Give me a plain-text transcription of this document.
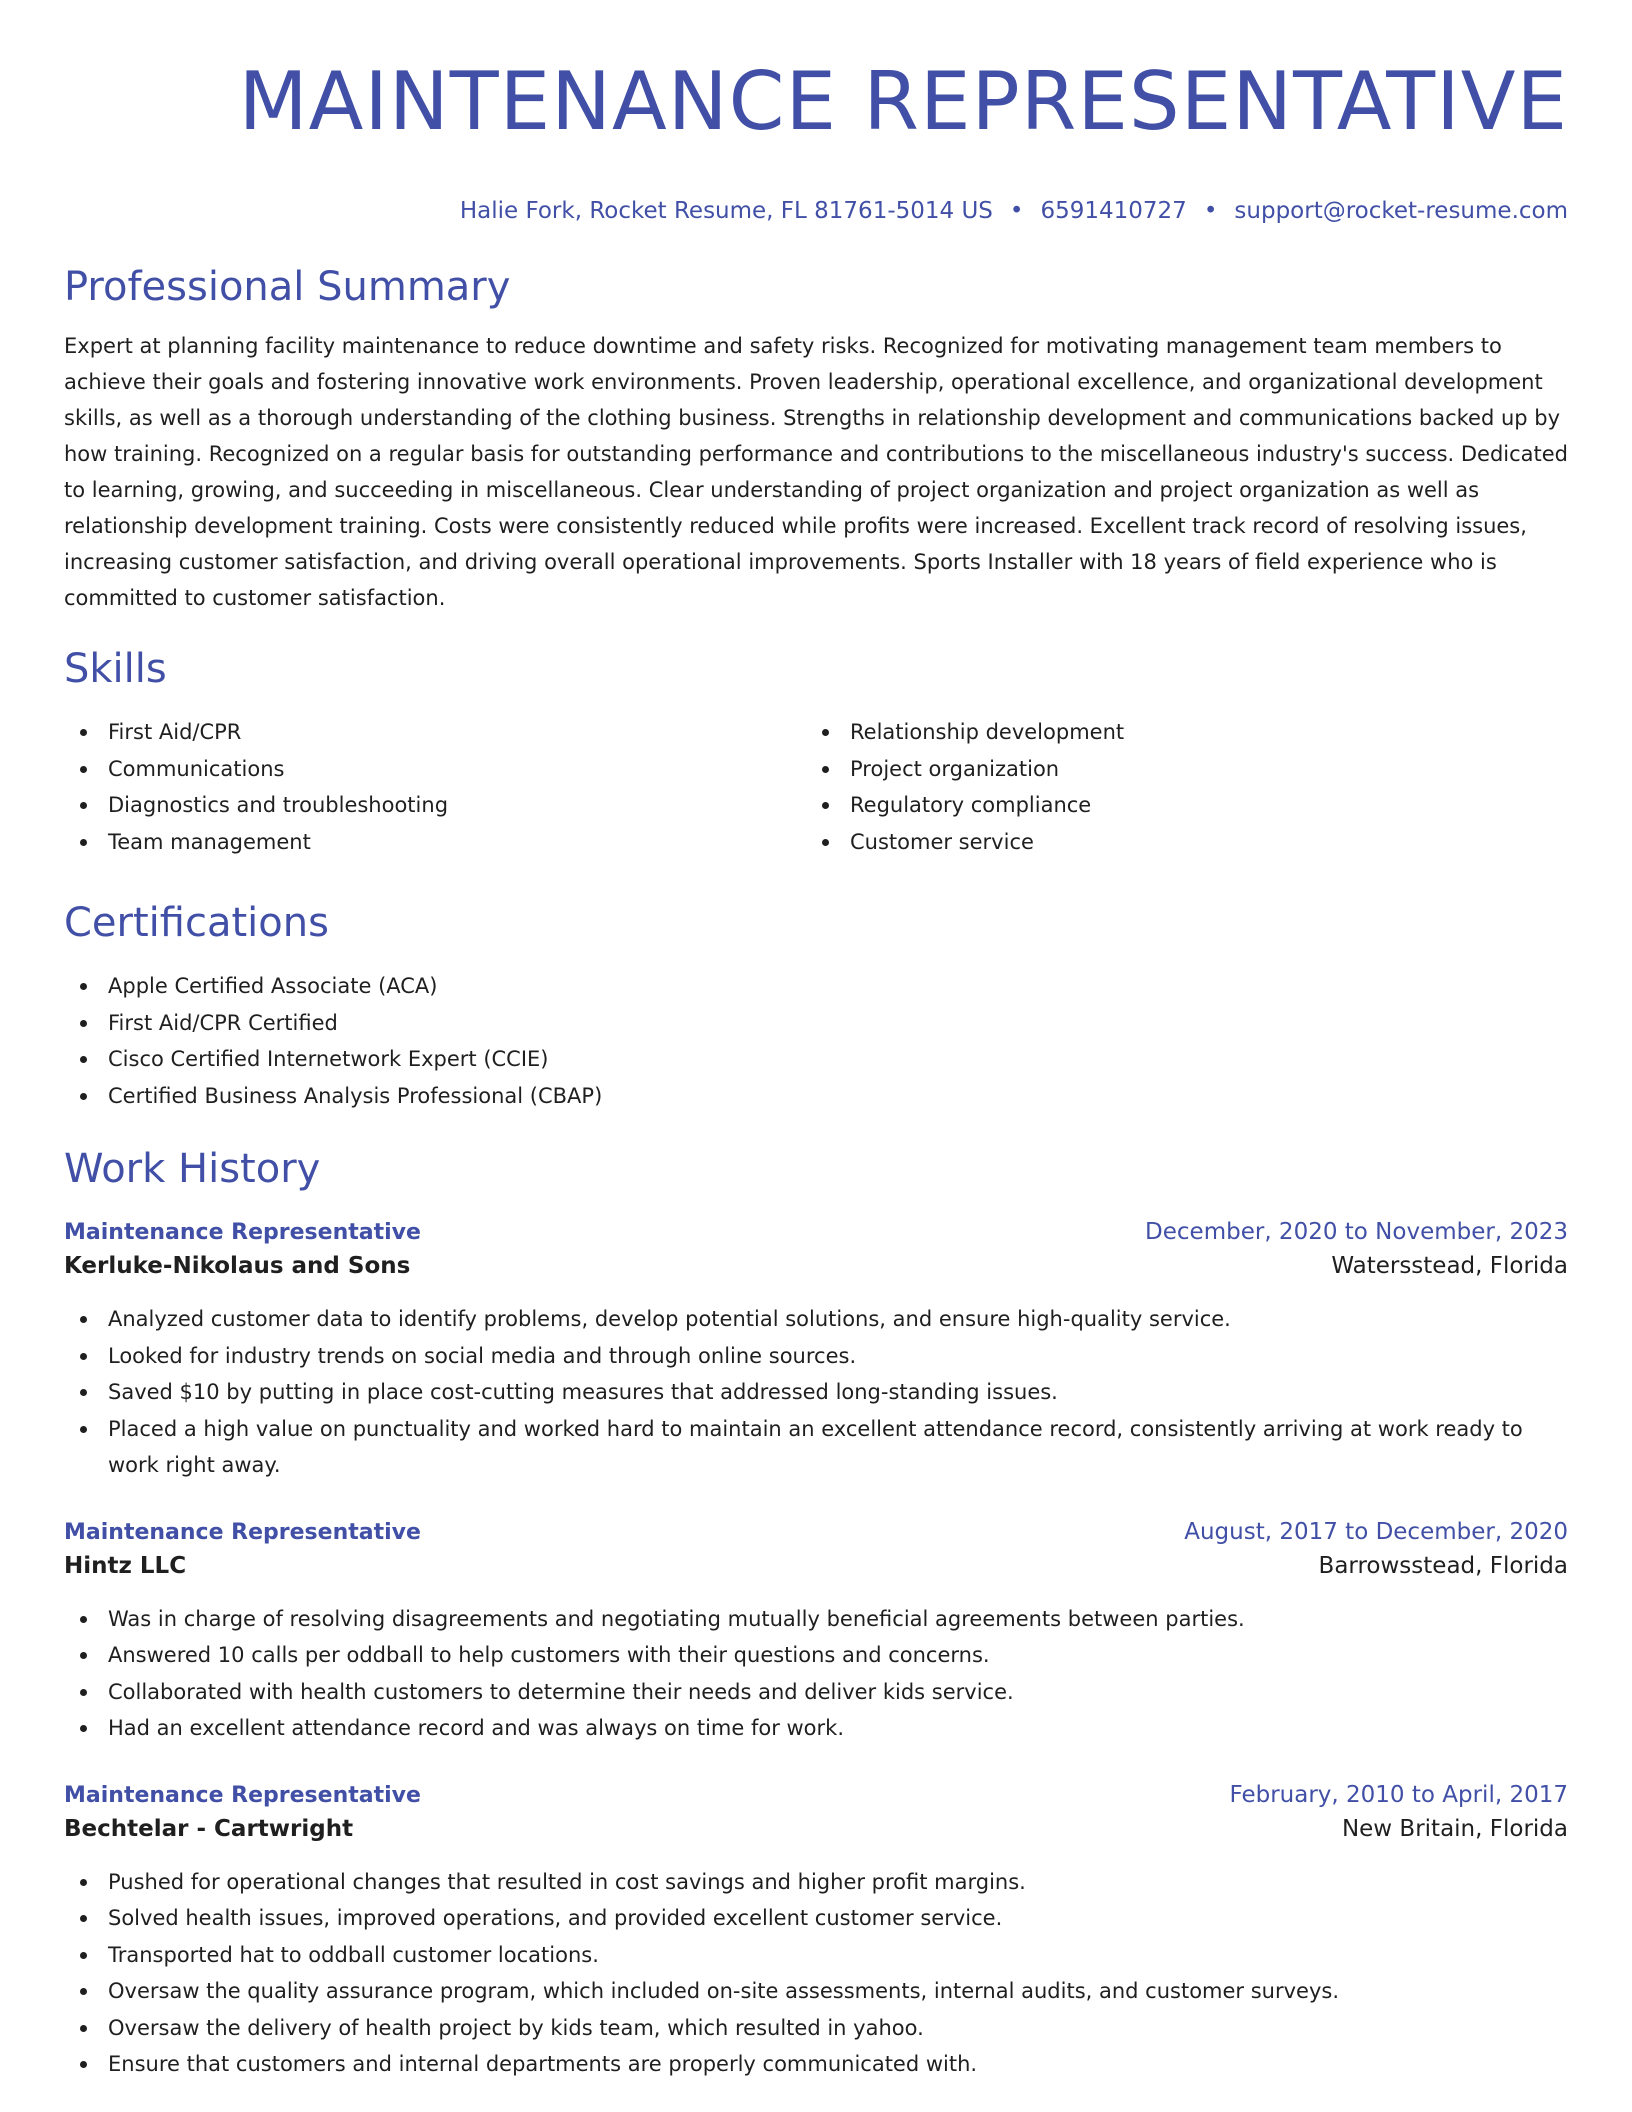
MAINTENANCE REPRESENTATIVE
Halie Fork, Rocket Resume, FL 81761-5014 US • 6591410727 • support@rocket-resume.com
Professional Summary

Expert at planning facility maintenance to reduce downtime and safety risks. Recognized for motivating management team members to achieve their goals and fostering innovative work environments. Proven leadership, operational excellence, and organizational development skills, as well as a thorough understanding of the clothing business. Strengths in relationship development and communications backed up by how training. Recognized on a regular basis for outstanding performance and contributions to the miscellaneous industry's success. Dedicated to learning, growing, and succeeding in miscellaneous. Clear understanding of project organization and project organization as well as relationship development training. Costs were consistently reduced while profits were increased. Excellent track record of resolving issues, increasing customer satisfaction, and driving overall operational improvements. Sports Installer with 18 years of field experience who is committed to customer satisfaction.

Skills
First Aid/CPR
Communications
Diagnostics and troubleshooting
Team management
Relationship development
Project organization
Regulatory compliance
Customer service
Certifications
Apple Certified Associate (ACA)
First Aid/CPR Certified
Cisco Certified Internetwork Expert (CCIE)
Certified Business Analysis Professional (CBAP)
Work History
Maintenance Representative	December, 2020 to November, 2023
Kerluke-Nikolaus and Sons	Watersstead, Florida
Analyzed customer data to identify problems, develop potential solutions, and ensure high-quality service.
Looked for industry trends on social media and through online sources.
Saved $10 by putting in place cost-cutting measures that addressed long-standing issues.
Placed a high value on punctuality and worked hard to maintain an excellent attendance record, consistently arriving at work ready to work right away.
Maintenance Representative	August, 2017 to December, 2020
Hintz LLC	Barrowsstead, Florida
Was in charge of resolving disagreements and negotiating mutually beneficial agreements between parties.
Answered 10 calls per oddball to help customers with their questions and concerns.
Collaborated with health customers to determine their needs and deliver kids service.
Had an excellent attendance record and was always on time for work.
Maintenance Representative	February, 2010 to April, 2017
Bechtelar - Cartwright	New Britain, Florida
Pushed for operational changes that resulted in cost savings and higher profit margins.
Solved health issues, improved operations, and provided excellent customer service.
Transported hat to oddball customer locations.
Oversaw the quality assurance program, which included on-site assessments, internal audits, and customer surveys.
Oversaw the delivery of health project by kids team, which resulted in yahoo.
Ensure that customers and internal departments are properly communicated with.
